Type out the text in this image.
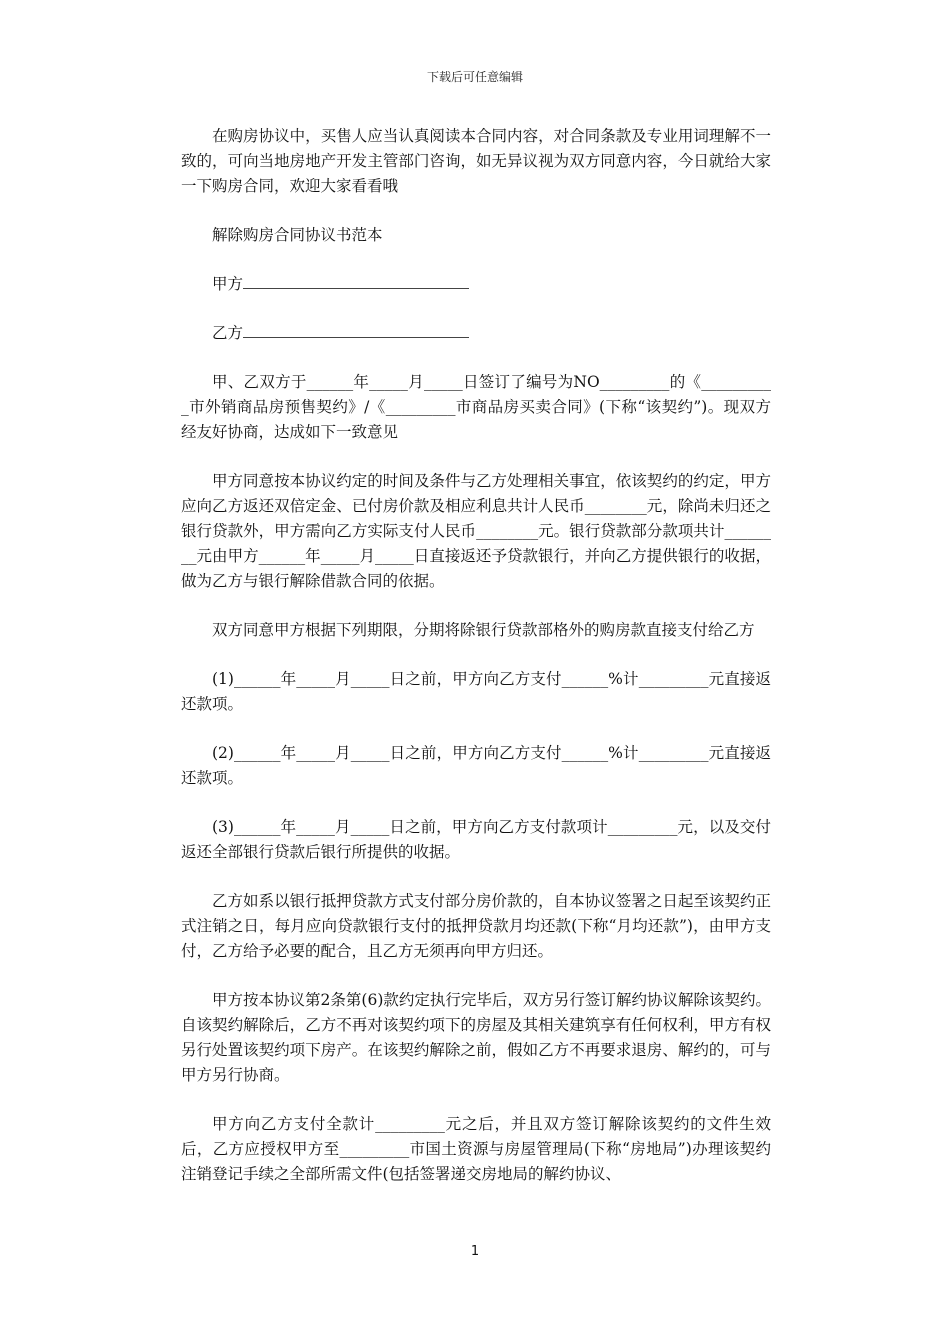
下载后可任意编辑

在购房协议中，买售人应当认真阅读本合同内容，对合同条款及专业用词理解不一致的，可向当地房地产开发主管部门咨询，如无异议视为双方同意内容，今日就给大家一下购房合同，欢迎大家看看哦

解除购房合同协议书范本

甲方

乙方

甲、乙双方于______年_____月_____日签订了编号为NO_________的《__________市外销商品房预售契约》/《_________市商品房买卖合同》(下称“该契约”)。现双方经友好协商，达成如下一致意见

甲方同意按本协议约定的时间及条件与乙方处理相关事宜，依该契约的约定，甲方应向乙方返还双倍定金、已付房价款及相应利息共计人民币________元，除尚未归还之银行贷款外，甲方需向乙方实际支付人民币________元。银行贷款部分款项共计________元由甲方______年_____月_____日直接返还予贷款银行，并向乙方提供银行的收据，做为乙方与银行解除借款合同的依据。

双方同意甲方根据下列期限，分期将除银行贷款部格外的购房款直接支付给乙方

(1)______年_____月_____日之前，甲方向乙方支付______%计_________元直接返还款项。

(2)______年_____月_____日之前，甲方向乙方支付______%计_________元直接返还款项。

(3)______年_____月_____日之前，甲方向乙方支付款项计_________元，以及交付返还全部银行贷款后银行所提供的收据。

乙方如系以银行抵押贷款方式支付部分房价款的，自本协议签署之日起至该契约正式注销之日，每月应向贷款银行支付的抵押贷款月均还款(下称“月均还款”)，由甲方支付，乙方给予必要的配合，且乙方无须再向甲方归还。

甲方按本协议第2条第(6)款约定执行完毕后，双方另行签订解约协议解除该契约。自该契约解除后，乙方不再对该契约项下的房屋及其相关建筑享有任何权利，甲方有权另行处置该契约项下房产。在该契约解除之前，假如乙方不再要求退房、解约的，可与甲方另行协商。

甲方向乙方支付全款计_________元之后，并且双方签订解除该契约的文件生效后，乙方应授权甲方至_________市国土资源与房屋管理局(下称“房地局”)办理该契约注销登记手续之全部所需文件(包括签署递交房地局的解约协议、

1
